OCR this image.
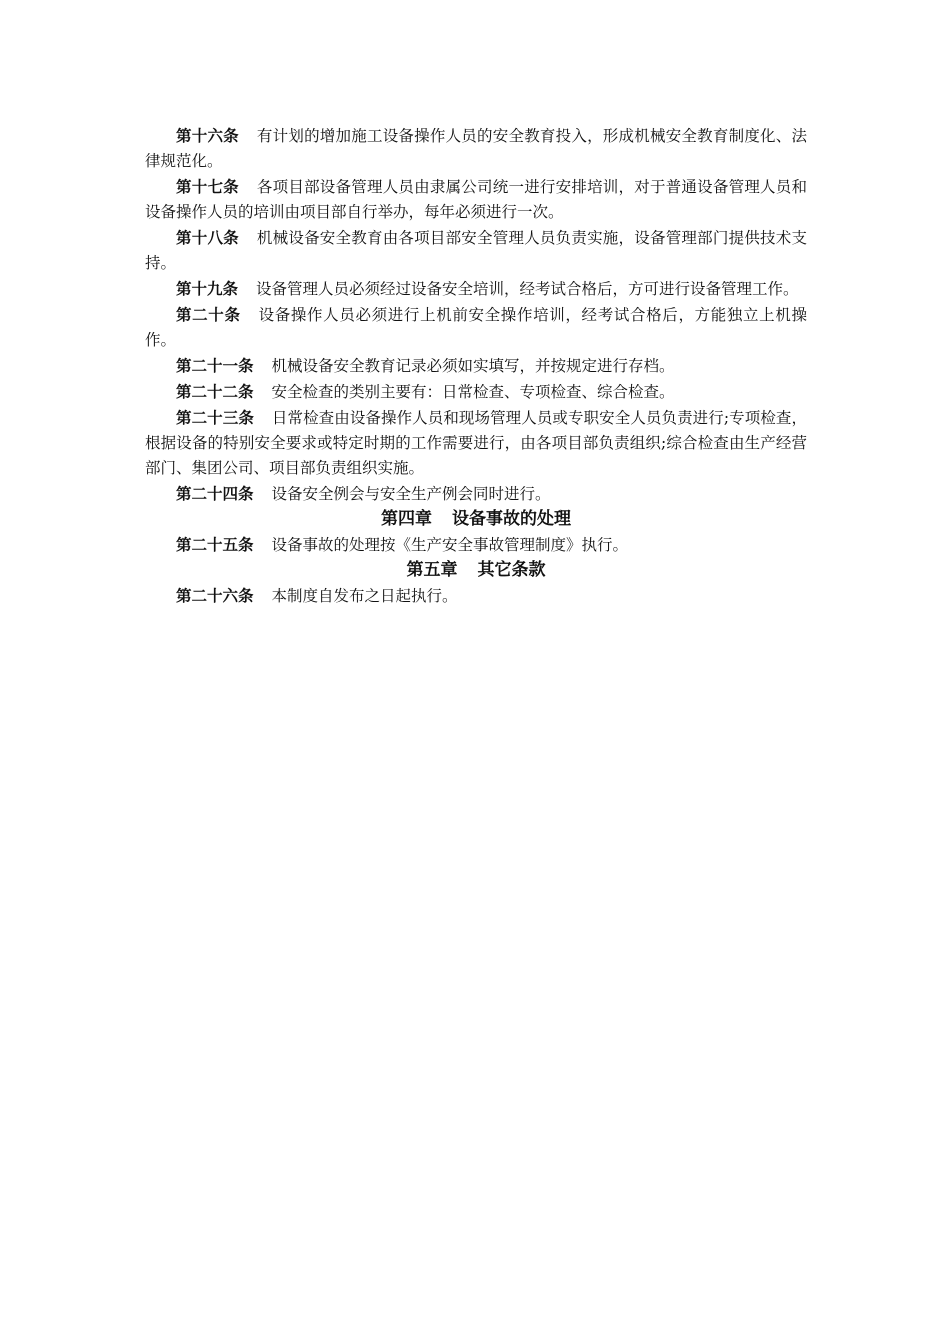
第十六条 有计划的增加施工设备操作人员的安全教育投入，形成机械安全教育制度化、法律规范化。

第十七条 各项目部设备管理人员由隶属公司统一进行安排培训，对于普通设备管理人员和设备操作人员的培训由项目部自行举办，每年必须进行一次。

第十八条 机械设备安全教育由各项目部安全管理人员负责实施，设备管理部门提供技术支持。

第十九条 设备管理人员必须经过设备安全培训，经考试合格后，方可进行设备管理工作。

第二十条 设备操作人员必须进行上机前安全操作培训，经考试合格后，方能独立上机操作。

第二十一条 机械设备安全教育记录必须如实填写，并按规定进行存档。

第二十二条 安全检查的类别主要有：日常检查、专项检查、综合检查。

第二十三条 日常检查由设备操作人员和现场管理人员或专职安全人员负责进行;专项检查，根据设备的特别安全要求或特定时期的工作需要进行，由各项目部负责组织;综合检查由生产经营部门、集团公司、项目部负责组织实施。

第二十四条 设备安全例会与安全生产例会同时进行。

第四章 设备事故的处理

第二十五条 设备事故的处理按《生产安全事故管理制度》执行。

第五章 其它条款

第二十六条 本制度自发布之日起执行。
